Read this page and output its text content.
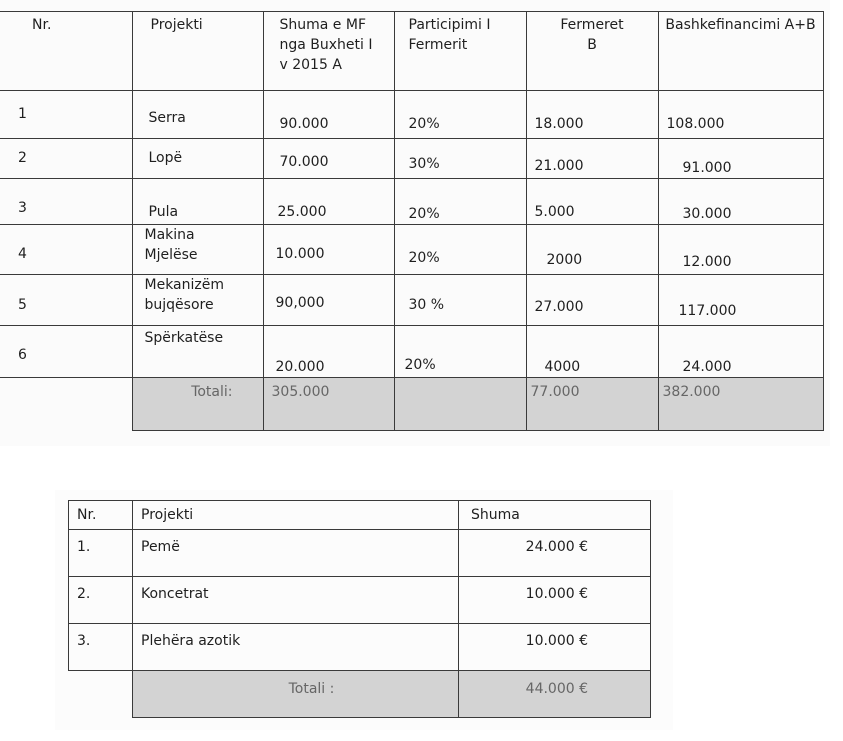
Nr.	Projekti	Shuma e MF nga Buxheti I v 2015 A	Participimi I Fermerit	Fermeret B	Bashkefinancimi A+B

1	Serra	90.000	20%	18.000	108.000

2	Lopë	70.000	30%	21.000	91.000

3	Pula	25.000	20%	5.000	30.000

4	Makina Mjelëse	10.000	20%	2000	12.000

5	Mekanizëm bujqësore	90,000	30 %	27.000	117.000

6	Spërkatëse	20.000	20%	4000	24.000

	Totali:	305.000		77.000	382.000
Nr.	Projekti	Shuma

1.	Pemë	24.000 €

2.	Koncetrat	10.000 €

3.	Plehëra azotik	10.000 €

	Totali :	44.000 €
